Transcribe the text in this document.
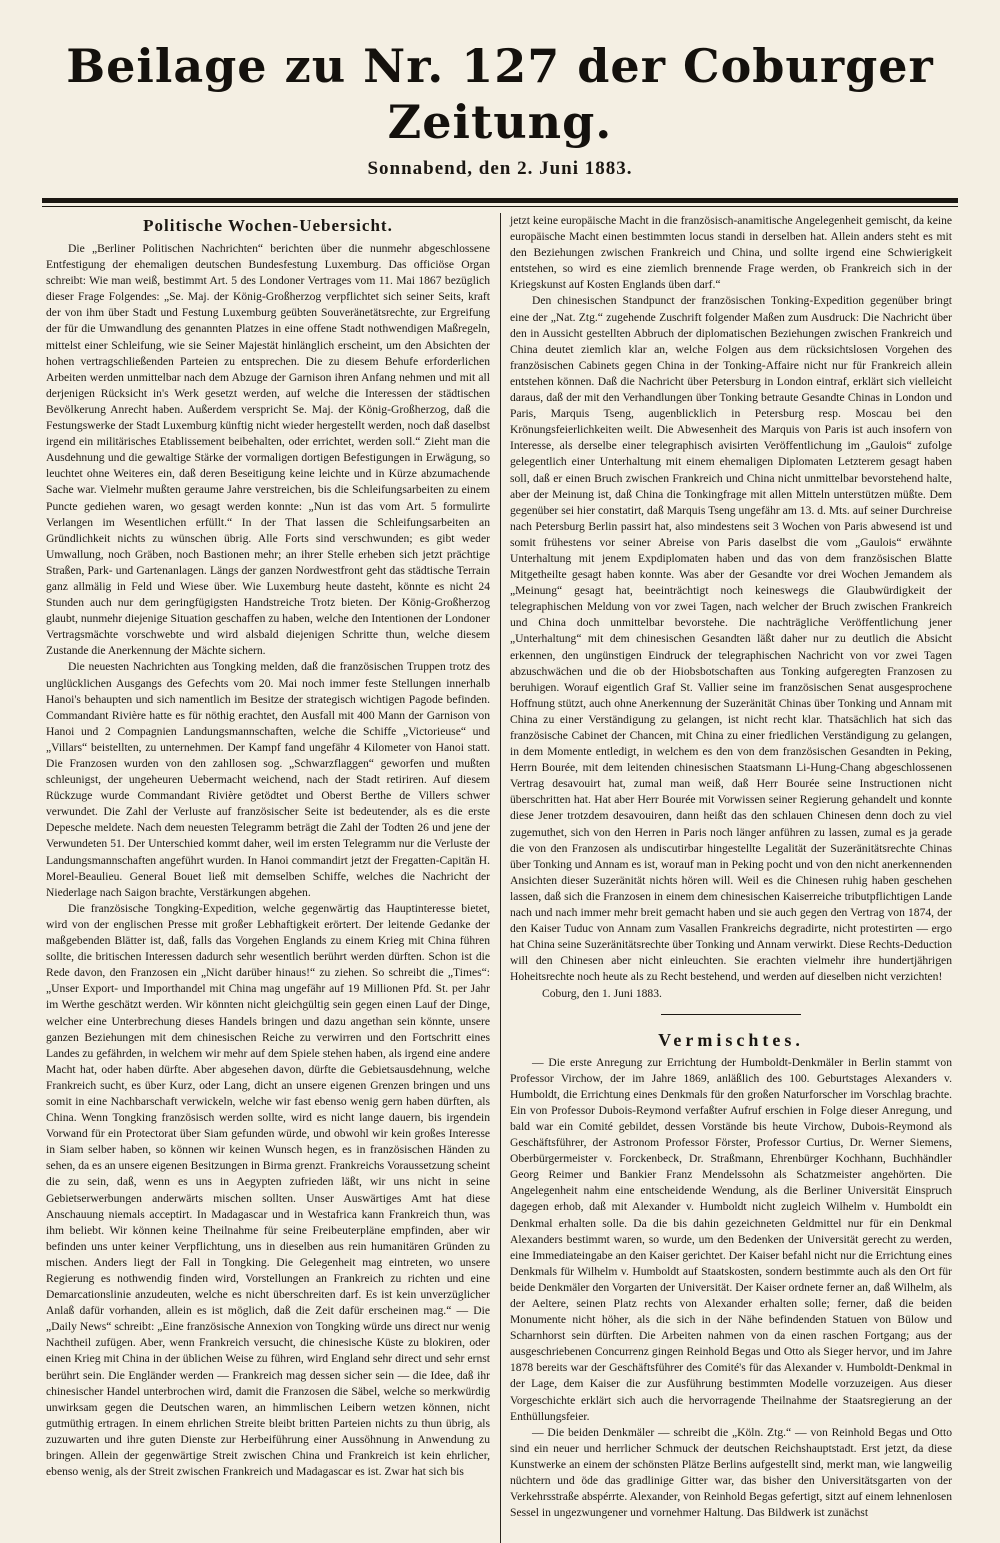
Beilage zu Nr. 127 der Coburger Zeitung.
Sonnabend, den 2. Juni 1883.
Politische Wochen-Uebersicht.

Die „Berliner Politischen Nachrichten“ berichten über die nunmehr abgeschlossene Entfestigung der ehemaligen deutschen Bundesfestung Luxemburg. Das officiöse Organ schreibt: Wie man weiß, bestimmt Art. 5 des Londoner Vertrages vom 11. Mai 1867 bezüglich dieser Frage Folgendes: „Se. Maj. der König-Großherzog verpflichtet sich seiner Seits, kraft der von ihm über Stadt und Festung Luxemburg geübten Souveränetätsrechte, zur Ergreifung der für die Umwandlung des genannten Platzes in eine offene Stadt nothwendigen Maßregeln, mittelst einer Schleifung, wie sie Seiner Majestät hinlänglich erscheint, um den Absichten der hohen vertragschließenden Parteien zu entsprechen. Die zu diesem Behufe erforderlichen Arbeiten werden unmittelbar nach dem Abzuge der Garnison ihren Anfang nehmen und mit all derjenigen Rücksicht in's Werk gesetzt werden, auf welche die Interessen der städtischen Bevölkerung Anrecht haben. Außerdem verspricht Se. Maj. der König-Großherzog, daß die Festungswerke der Stadt Luxemburg künftig nicht wieder hergestellt werden, noch daß daselbst irgend ein militärisches Etablissement beibehalten, oder errichtet, werden soll.“ Zieht man die Ausdehnung und die gewaltige Stärke der vormaligen dortigen Befestigungen in Erwägung, so leuchtet ohne Weiteres ein, daß deren Beseitigung keine leichte und in Kürze abzumachende Sache war. Vielmehr mußten geraume Jahre verstreichen, bis die Schleifungsarbeiten zu einem Puncte gediehen waren, wo gesagt werden konnte: „Nun ist das vom Art. 5 formulirte Verlangen im Wesentlichen erfüllt.“ In der That lassen die Schleifungsarbeiten an Gründlichkeit nichts zu wünschen übrig. Alle Forts sind verschwunden; es gibt weder Umwallung, noch Gräben, noch Bastionen mehr; an ihrer Stelle erheben sich jetzt prächtige Straßen, Park- und Gartenanlagen. Längs der ganzen Nordwestfront geht das städtische Terrain ganz allmälig in Feld und Wiese über. Wie Luxemburg heute dasteht, könnte es nicht 24 Stunden auch nur dem geringfügigsten Handstreiche Trotz bieten. Der König-Großherzog glaubt, nunmehr diejenige Situation geschaffen zu haben, welche den Intentionen der Londoner Vertragsmächte vorschwebte und wird alsbald diejenigen Schritte thun, welche diesem Zustande die Anerkennung der Mächte sichern.

Die neuesten Nachrichten aus Tongking melden, daß die französischen Truppen trotz des unglücklichen Ausgangs des Gefechts vom 20. Mai noch immer feste Stellungen innerhalb Hanoi's behaupten und sich namentlich im Besitze der strategisch wichtigen Pagode befinden. Commandant Rivière hatte es für nöthig erachtet, den Ausfall mit 400 Mann der Garnison von Hanoi und 2 Compagnien Landungsmannschaften, welche die Schiffe „Victorieuse“ und „Villars“ beistellten, zu unternehmen. Der Kampf fand ungefähr 4 Kilometer von Hanoi statt. Die Franzosen wurden von den zahllosen sog. „Schwarzflaggen“ geworfen und mußten schleunigst, der ungeheuren Uebermacht weichend, nach der Stadt retiriren. Auf diesem Rückzuge wurde Commandant Rivière getödtet und Oberst Berthe de Villers schwer verwundet. Die Zahl der Verluste auf französischer Seite ist bedeutender, als es die erste Depesche meldete. Nach dem neuesten Telegramm beträgt die Zahl der Todten 26 und jene der Verwundeten 51. Der Unterschied kommt daher, weil im ersten Telegramm nur die Verluste der Landungsmannschaften angeführt wurden. In Hanoi commandirt jetzt der Fregatten-Capitän H. Morel-Beaulieu. General Bouet ließ mit demselben Schiffe, welches die Nachricht der Niederlage nach Saigon brachte, Verstärkungen abgehen.

Die französische Tongking-Expedition, welche gegenwärtig das Hauptinteresse bietet, wird von der englischen Presse mit großer Lebhaftigkeit erörtert. Der leitende Gedanke der maßgebenden Blätter ist, daß, falls das Vorgehen Englands zu einem Krieg mit China führen sollte, die britischen Interessen dadurch sehr wesentlich berührt werden dürften. Schon ist die Rede davon, den Franzosen ein „Nicht darüber hinaus!“ zu ziehen. So schreibt die „Times“: „Unser Export- und Importhandel mit China mag ungefähr auf 19 Millionen Pfd. St. per Jahr im Werthe geschätzt werden. Wir könnten nicht gleichgültig sein gegen einen Lauf der Dinge, welcher eine Unterbrechung dieses Handels bringen und dazu angethan sein könnte, unsere ganzen Beziehungen mit dem chinesischen Reiche zu verwirren und den Fortschritt eines Landes zu gefährden, in welchem wir mehr auf dem Spiele stehen haben, als irgend eine andere Macht hat, oder haben dürfte. Aber abgesehen davon, dürfte die Gebietsausdehnung, welche Frankreich sucht, es über Kurz, oder Lang, dicht an unsere eigenen Grenzen bringen und uns somit in eine Nachbarschaft verwickeln, welche wir fast ebenso wenig gern haben dürften, als China. Wenn Tongking französisch werden sollte, wird es nicht lange dauern, bis irgendein Vorwand für ein Protectorat über Siam gefunden würde, und obwohl wir kein großes Interesse in Siam selber haben, so können wir keinen Wunsch hegen, es in französischen Händen zu sehen, da es an unsere eigenen Besitzungen in Birma grenzt. Frankreichs Voraussetzung scheint die zu sein, daß, wenn es uns in Aegypten zufrieden läßt, wir uns nicht in seine Gebietserwerbungen anderwärts mischen sollten. Unser Auswärtiges Amt hat diese Anschauung niemals acceptirt. In Madagascar und in Westafrica kann Frankreich thun, was ihm beliebt. Wir können keine Theilnahme für seine Freibeuterpläne empfinden, aber wir befinden uns unter keiner Verpflichtung, uns in dieselben aus rein humanitären Gründen zu mischen. Anders liegt der Fall in Tongking. Die Gelegenheit mag eintreten, wo unsere Regierung es nothwendig finden wird, Vorstellungen an Frankreich zu richten und eine Demarcationslinie anzudeuten, welche es nicht überschreiten darf. Es ist kein unverzüglicher Anlaß dafür vorhanden, allein es ist möglich, daß die Zeit dafür erscheinen mag.“ — Die „Daily News“ schreibt: „Eine französische Annexion von Tongking würde uns direct nur wenig Nachtheil zufügen. Aber, wenn Frankreich versucht, die chinesische Küste zu blokiren, oder einen Krieg mit China in der üblichen Weise zu führen, wird England sehr direct und sehr ernst berührt sein. Die Engländer werden — Frankreich mag dessen sicher sein — die Idee, daß ihr chinesischer Handel unterbrochen wird, damit die Franzosen die Säbel, welche so merkwürdig unwirksam gegen die Deutschen waren, an himmlischen Leibern wetzen können, nicht gutmüthig ertragen. In einem ehrlichen Streite bleibt britten Parteien nichts zu thun übrig, als zuzuwarten und ihre guten Dienste zur Herbeiführung einer Aussöhnung in Anwendung zu bringen. Allein der gegenwärtige Streit zwischen China und Frankreich ist kein ehrlicher, ebenso wenig, als der Streit zwischen Frankreich und Madagascar es ist. Zwar hat sich bis

jetzt keine europäische Macht in die französisch-anamitische Angelegenheit gemischt, da keine europäische Macht einen bestimmten locus standi in derselben hat. Allein anders steht es mit den Beziehungen zwischen Frankreich und China, und sollte irgend eine Schwierigkeit entstehen, so wird es eine ziemlich brennende Frage werden, ob Frankreich sich in der Kriegskunst auf Kosten Englands üben darf.“

Den chinesischen Standpunct der französischen Tonking-Expedition gegenüber bringt eine der „Nat. Ztg.“ zugehende Zuschrift folgender Maßen zum Ausdruck: Die Nachricht über den in Aussicht gestellten Abbruch der diplomatischen Beziehungen zwischen Frankreich und China deutet ziemlich klar an, welche Folgen aus dem rücksichtslosen Vorgehen des französischen Cabinets gegen China in der Tonking-Affaire nicht nur für Frankreich allein entstehen können. Daß die Nachricht über Petersburg in London eintraf, erklärt sich vielleicht daraus, daß der mit den Verhandlungen über Tonking betraute Gesandte Chinas in London und Paris, Marquis Tseng, augenblicklich in Petersburg resp. Moscau bei den Krönungsfeierlichkeiten weilt. Die Abwesenheit des Marquis von Paris ist auch insofern von Interesse, als derselbe einer telegraphisch avisirten Veröffentlichung im „Gaulois“ zufolge gelegentlich einer Unterhaltung mit einem ehemaligen Diplomaten Letzterem gesagt haben soll, daß er einen Bruch zwischen Frankreich und China nicht unmittelbar bevorstehend halte, aber der Meinung ist, daß China die Tonkingfrage mit allen Mitteln unterstützen müßte. Dem gegenüber sei hier constatirt, daß Marquis Tseng ungefähr am 13. d. Mts. auf seiner Durchreise nach Petersburg Berlin passirt hat, also mindestens seit 3 Wochen von Paris abwesend ist und somit frühestens vor seiner Abreise von Paris daselbst die vom „Gaulois“ erwähnte Unterhaltung mit jenem Expdiplomaten haben und das von dem französischen Blatte Mitgetheilte gesagt haben konnte. Was aber der Gesandte vor drei Wochen Jemandem als „Meinung“ gesagt hat, beeinträchtigt noch keineswegs die Glaubwürdigkeit der telegraphischen Meldung von vor zwei Tagen, nach welcher der Bruch zwischen Frankreich und China doch unmittelbar bevorstehe. Die nachträgliche Veröffentlichung jener „Unterhaltung“ mit dem chinesischen Gesandten läßt daher nur zu deutlich die Absicht erkennen, den ungünstigen Eindruck der telegraphischen Nachricht von vor zwei Tagen abzuschwächen und die ob der Hiobsbotschaften aus Tonking aufgeregten Franzosen zu beruhigen. Worauf eigentlich Graf St. Vallier seine im französischen Senat ausgesprochene Hoffnung stützt, auch ohne Anerkennung der Suzeränität Chinas über Tonking und Annam mit China zu einer Verständigung zu gelangen, ist nicht recht klar. Thatsächlich hat sich das französische Cabinet der Chancen, mit China zu einer friedlichen Verständigung zu gelangen, in dem Momente entledigt, in welchem es den von dem französischen Gesandten in Peking, Herrn Bourée, mit dem leitenden chinesischen Staatsmann Li-Hung-Chang abgeschlossenen Vertrag desavouirt hat, zumal man weiß, daß Herr Bourée seine Instructionen nicht überschritten hat. Hat aber Herr Bourée mit Vorwissen seiner Regierung gehandelt und konnte diese Jener trotzdem desavouiren, dann heißt das den schlauen Chinesen denn doch zu viel zugemuthet, sich von den Herren in Paris noch länger anführen zu lassen, zumal es ja gerade die von den Franzosen als undiscutirbar hingestellte Legalität der Suzeränitätsrechte Chinas über Tonking und Annam es ist, worauf man in Peking pocht und von den nicht anerkennenden Ansichten dieser Suzeränität nichts hören will. Weil es die Chinesen ruhig haben geschehen lassen, daß sich die Franzosen in einem dem chinesischen Kaiserreiche tributpflichtigen Lande nach und nach immer mehr breit gemacht haben und sie auch gegen den Vertrag von 1874, der den Kaiser Tuduc von Annam zum Vasallen Frankreichs degradirte, nicht protestirten — ergo hat China seine Suzeränitätsrechte über Tonking und Annam verwirkt. Diese Rechts-Deduction will den Chinesen aber nicht einleuchten. Sie erachten vielmehr ihre hundertjährigen Hoheitsrechte noch heute als zu Recht bestehend, und werden auf dieselben nicht verzichten!

Coburg, den 1. Juni 1883.

Vermischtes.

— Die erste Anregung zur Errichtung der Humboldt-Denkmäler in Berlin stammt von Professor Virchow, der im Jahre 1869, anläßlich des 100. Geburtstages Alexanders v. Humboldt, die Errichtung eines Denkmals für den großen Naturforscher im Vorschlag brachte. Ein von Professor Dubois-Reymond verfaßter Aufruf erschien in Folge dieser Anregung, und bald war ein Comité gebildet, dessen Vorstände bis heute Virchow, Dubois-Reymond als Geschäftsführer, der Astronom Professor Förster, Professor Curtius, Dr. Werner Siemens, Oberbürgermeister v. Forckenbeck, Dr. Straßmann, Ehrenbürger Kochhann, Buchhändler Georg Reimer und Bankier Franz Mendelssohn als Schatzmeister angehörten. Die Angelegenheit nahm eine entscheidende Wendung, als die Berliner Universität Einspruch dagegen erhob, daß mit Alexander v. Humboldt nicht zugleich Wilhelm v. Humboldt ein Denkmal erhalten solle. Da die bis dahin gezeichneten Geldmittel nur für ein Denkmal Alexanders bestimmt waren, so wurde, um den Bedenken der Universität gerecht zu werden, eine Immediateingabe an den Kaiser gerichtet. Der Kaiser befahl nicht nur die Errichtung eines Denkmals für Wilhelm v. Humboldt auf Staatskosten, sondern bestimmte auch als den Ort für beide Denkmäler den Vorgarten der Universität. Der Kaiser ordnete ferner an, daß Wilhelm, als der Aeltere, seinen Platz rechts von Alexander erhalten solle; ferner, daß die beiden Monumente nicht höher, als die sich in der Nähe befindenden Statuen von Bülow und Scharnhorst sein dürften. Die Arbeiten nahmen von da einen raschen Fortgang; aus der ausgeschriebenen Concurrenz gingen Reinhold Begas und Otto als Sieger hervor, und im Jahre 1878 bereits war der Geschäftsführer des Comité's für das Alexander v. Humboldt-Denkmal in der Lage, dem Kaiser die zur Ausführung bestimmten Modelle vorzuzeigen. Aus dieser Vorgeschichte erklärt sich auch die hervorragende Theilnahme der Staatsregierung an der Enthüllungsfeier.

— Die beiden Denkmäler — schreibt die „Köln. Ztg.“ — von Reinhold Begas und Otto sind ein neuer und herrlicher Schmuck der deutschen Reichshauptstadt. Erst jetzt, da diese Kunstwerke an einem der schönsten Plätze Berlins aufgestellt sind, merkt man, wie langweilig nüchtern und öde das gradlinige Gitter war, das bisher den Universitätsgarten von der Verkehrsstraße abspérrte. Alexander, von Reinhold Begas gefertigt, sitzt auf einem lehnenlosen Sessel in ungezwungener und vornehmer Haltung. Das Bildwerk ist zunächst
